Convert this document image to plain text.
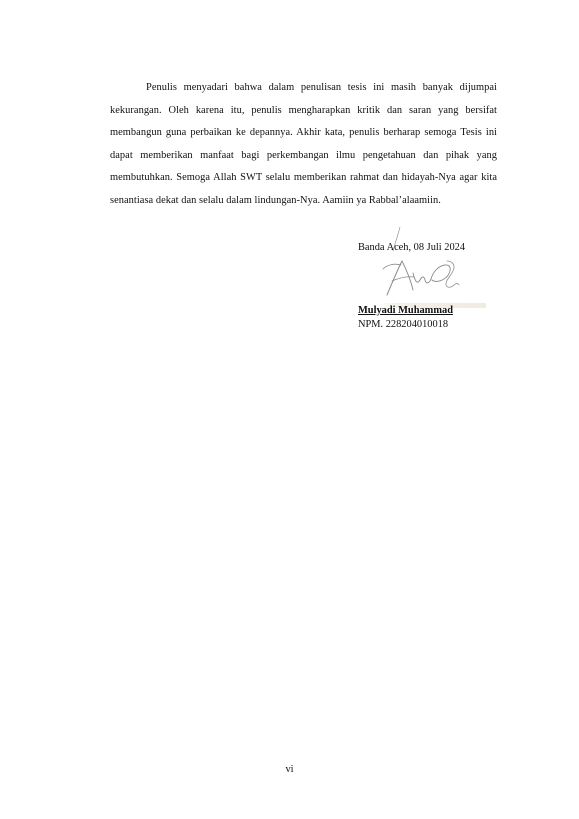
Penulis menyadari bahwa dalam penulisan tesis ini masih banyak dijumpai kekurangan. Oleh karena itu, penulis mengharapkan kritik dan saran yang bersifat membangun guna perbaikan ke depannya. Akhir kata, penulis berharap semoga Tesis ini dapat memberikan manfaat bagi perkembangan ilmu pengetahuan dan pihak yang membutuhkan. Semoga Allah SWT selalu memberikan rahmat dan hidayah-Nya agar kita senantiasa dekat dan selalu dalam lindungan-Nya. Aamiin ya Rabbal’alaamiin.

Banda Aceh, 08 Juli 2024
Mulyadi Muhammad
NPM. 228204010018
vi
